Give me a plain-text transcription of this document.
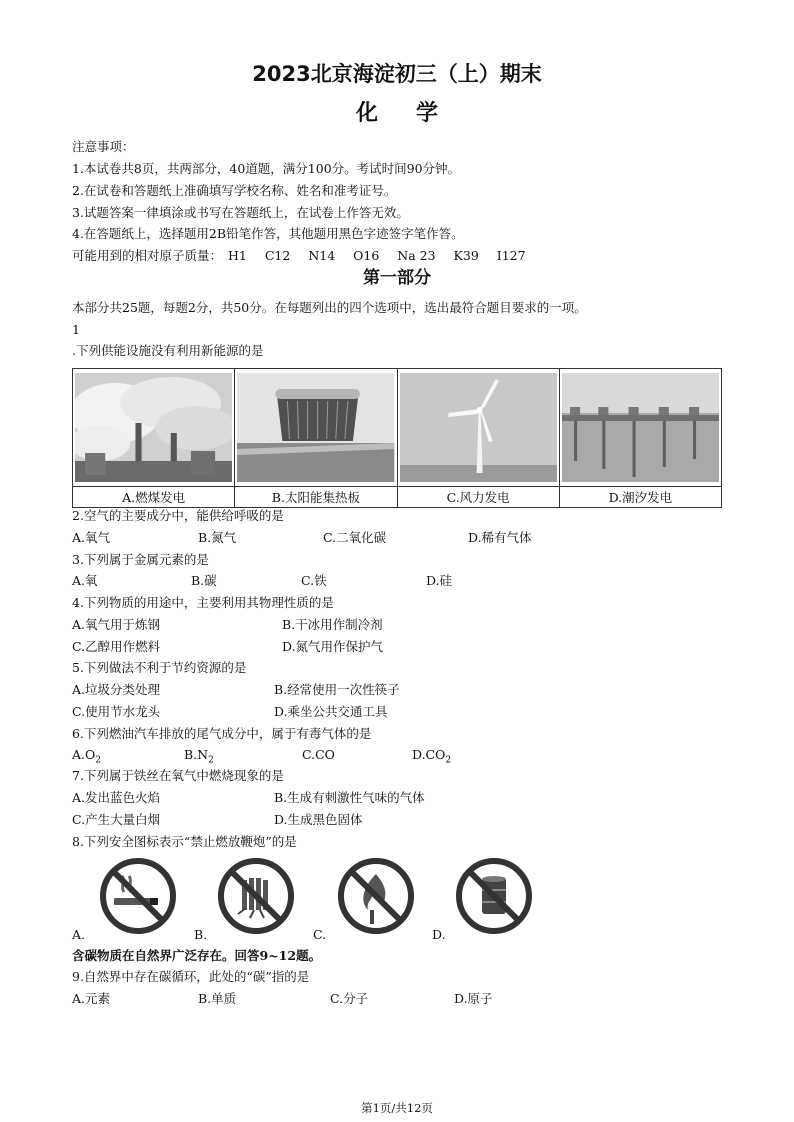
2023北京海淀初三（上）期末
化学
注意事项：
1.本试卷共8页，共两部分，40道题，满分100分。考试时间90分钟。
2.在试卷和答题纸上准确填写学校名称、姓名和准考证号。
3.试题答案一律填涂或书写在答题纸上，在试卷上作答无效。
4.在答题纸上，选择题用2B铅笔作答，其他题用黑色字迹签字笔作答。
可能用到的相对原子质量： H1 C12 N14 O16 Na 23 K39 I127
第一部分
本部分共25题，每题2分，共50分。在每题列出的四个选项中，选出最符合题目要求的一项。
1
.下列供能设施没有利用新能源的是

A.燃煤发电	B.太阳能集热板	C.风力发电	D.潮汐发电
2.空气的主要成分中，能供给呼吸的是
A.氧气	B.氮气	C.二氧化碳	D.稀有气体
3.下列属于金属元素的是
A.氧	B.碳	C.铁	D.硅
4.下列物质的用途中，主要利用其物理性质的是
A.氧气用于炼钢	B.干冰用作制冷剂
C.乙醇用作燃料	D.氮气用作保护气
5.下列做法不利于节约资源的是
A.垃圾分类处理	B.经常使用一次性筷子
C.使用节水龙头	D.乘坐公共交通工具
6.下列燃油汽车排放的尾气成分中，属于有毒气体的是
$A.O_2$	$B.N_2$	C.CO	$D.CO_2$
7.下列属于铁丝在氧气中燃烧现象的是
A.发出蓝色火焰	B.生成有刺激性气味的气体
C.产生大量白烟	D.生成黑色固体
8.下列安全图标表示“禁止燃放鞭炮”的是
A.	B.	C.	D.
含碳物质在自然界广泛存在。回答9~12题。
9.自然界中存在碳循环，此处的“碳”指的是
A.元素	B.单质	C.分子	D.原子
第1页/共12页
